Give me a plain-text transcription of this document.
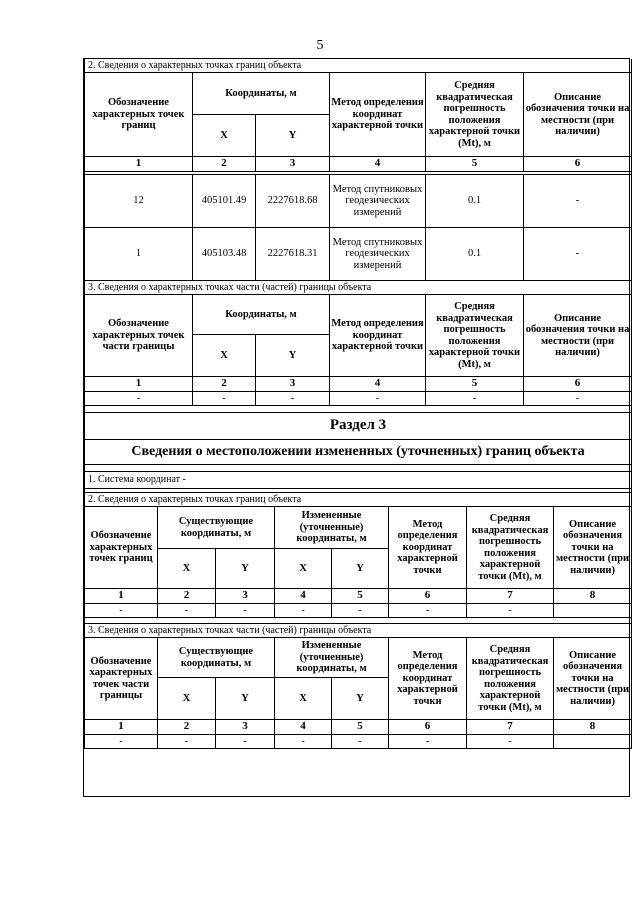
5
2. Сведения о характерных точках границ объекта					
Обозначение характерных точек границ	Координаты, м		Метод определения координат характерной точки	Средняя квадратическая погрешность положения характерной точки (Mt), м	Описание обозначения точки на местности (при наличии)
	X	Y			
1	2	3	4	5	6

12	405101.49	2227618.68	Метод спутниковых геодезических измерений	0.1	-
1	405103.48	2227618.31	Метод спутниковых геодезических измерений	0.1	-
3. Сведения о характерных точках части (частей) границы объекта					
Обозначение характерных точек части границы	Координаты, м		Метод определения координат характерной точки	Средняя квадратическая погрешность положения характерной точки (Mt), м	Описание обозначения точки на местности (при наличии)
	X	Y			
1	2	3	4	5	6
-	-	-	-	-	-

Раздел 3					
Сведения о местоположении измененных (уточненных) границ объекта					

1. Система координат -					

2. Сведения о характерных точках границ объекта							
Обозначение характерных точек границ	Существующие координаты, м		Измененные (уточненные) координаты, м		Метод определения координат характерной точки	Средняя квадратическая погрешность положения характерной точки (Mt), м	Описание обозначения точки на местности (при наличии)
	X	Y	X	Y			
1	2	3	4	5	6	7	8
-	-	-	-	-	-	-	

3. Сведения о характерных точках части (частей) границы объекта							
Обозначение характерных точек части границы	Существующие координаты, м		Измененные (уточненные) координаты, м		Метод определения координат характерной точки	Средняя квадратическая погрешность положения характерной точки (Mt), м	Описание обозначения точки на местности (при наличии)
	X	Y	X	Y			
1	2	3	4	5	6	7	8
-	-	-	-	-	-	-	
